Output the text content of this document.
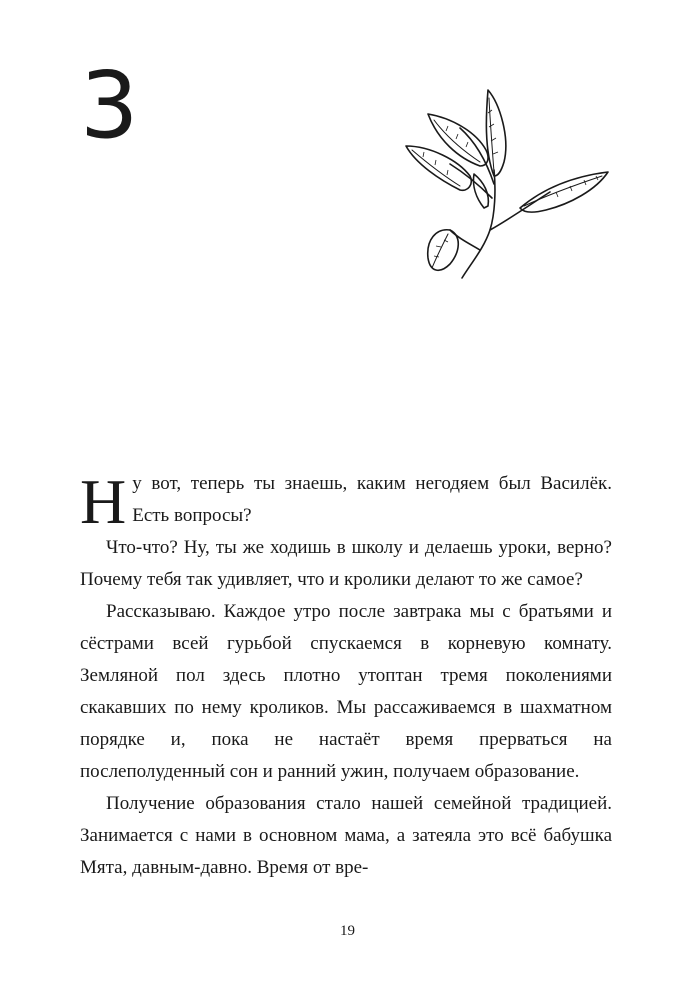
3

Ну вот, теперь ты знаешь, каким негодяем был Василёк. Есть вопросы?

Что-что? Ну, ты же ходишь в школу и делаешь уроки, верно? Почему тебя так удивляет, что и кролики делают то же самое?

Рассказываю. Каждое утро после завтрака мы с братьями и сёстрами всей гурьбой спускаемся в корневую комнату. Земляной пол здесь плотно утоптан тремя поколениями скакавших по нему кроликов. Мы рассаживаемся в шахматном порядке и, пока не настаёт время прерваться на послеполуденный сон и ранний ужин, получаем образование.

Получение образования стало нашей семейной традицией. Занимается с нами в основном мама, а затеяла это всё бабушка Мята, давным-давно. Время от вре-

19
